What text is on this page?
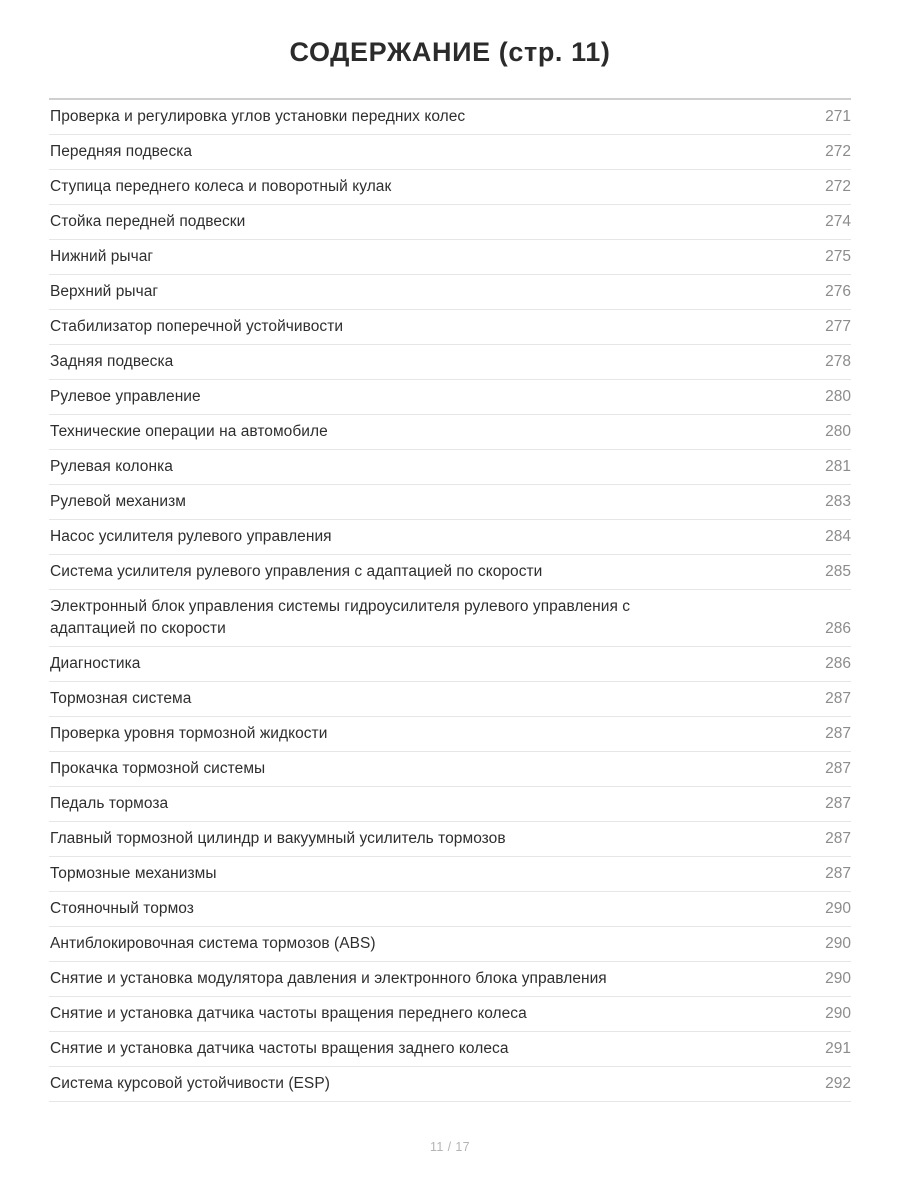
СОДЕРЖАНИЕ (стр. 11)
Проверка и регулировка углов установки передних колес	271
Передняя подвеска	272
Ступица переднего колеса и поворотный кулак	272
Стойка передней подвески	274
Нижний рычаг	275
Верхний рычаг	276
Стабилизатор поперечной устойчивости	277
Задняя подвеска	278
Рулевое управление	280
Технические операции на автомобиле	280
Рулевая колонка	281
Рулевой механизм	283
Насос усилителя рулевого управления	284
Система усилителя рулевого управления с адаптацией по скорости	285
Электронный блок управления системы гидроусилителя рулевого управления с адаптацией по скорости	286
Диагностика	286
Тормозная система	287
Проверка уровня тормозной жидкости	287
Прокачка тормозной системы	287
Педаль тормоза	287
Главный тормозной цилиндр и вакуумный усилитель тормозов	287
Тормозные механизмы	287
Стояночный тормоз	290
Антиблокировочная система тормозов (ABS)	290
Снятие и установка модулятора давления и электронного блока управления	290
Снятие и установка датчика частоты вращения переднего колеса	290
Снятие и установка датчика частоты вращения заднего колеса	291
Система курсовой устойчивости (ESP)	292
11 / 17
